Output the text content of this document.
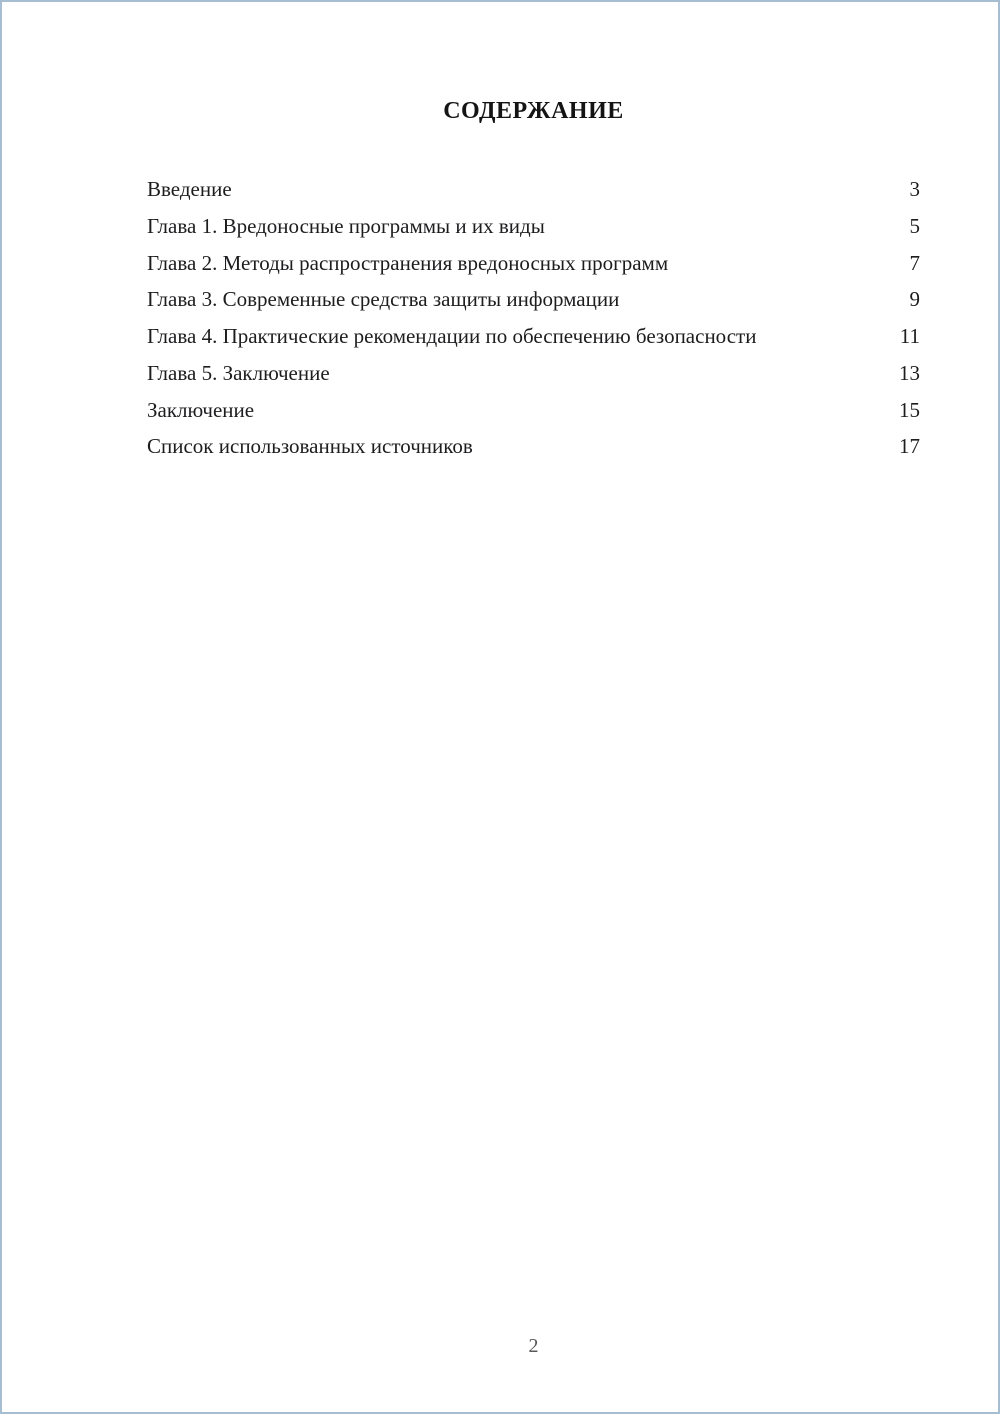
СОДЕРЖАНИЕ
Введение	3
Глава 1. Вредоносные программы и их виды	5
Глава 2. Методы распространения вредоносных программ	7
Глава 3. Современные средства защиты информации	9
Глава 4. Практические рекомендации по обеспечению безопасности	11
Глава 5. Заключение	13
Заключение	15
Список использованных источников	17
2
